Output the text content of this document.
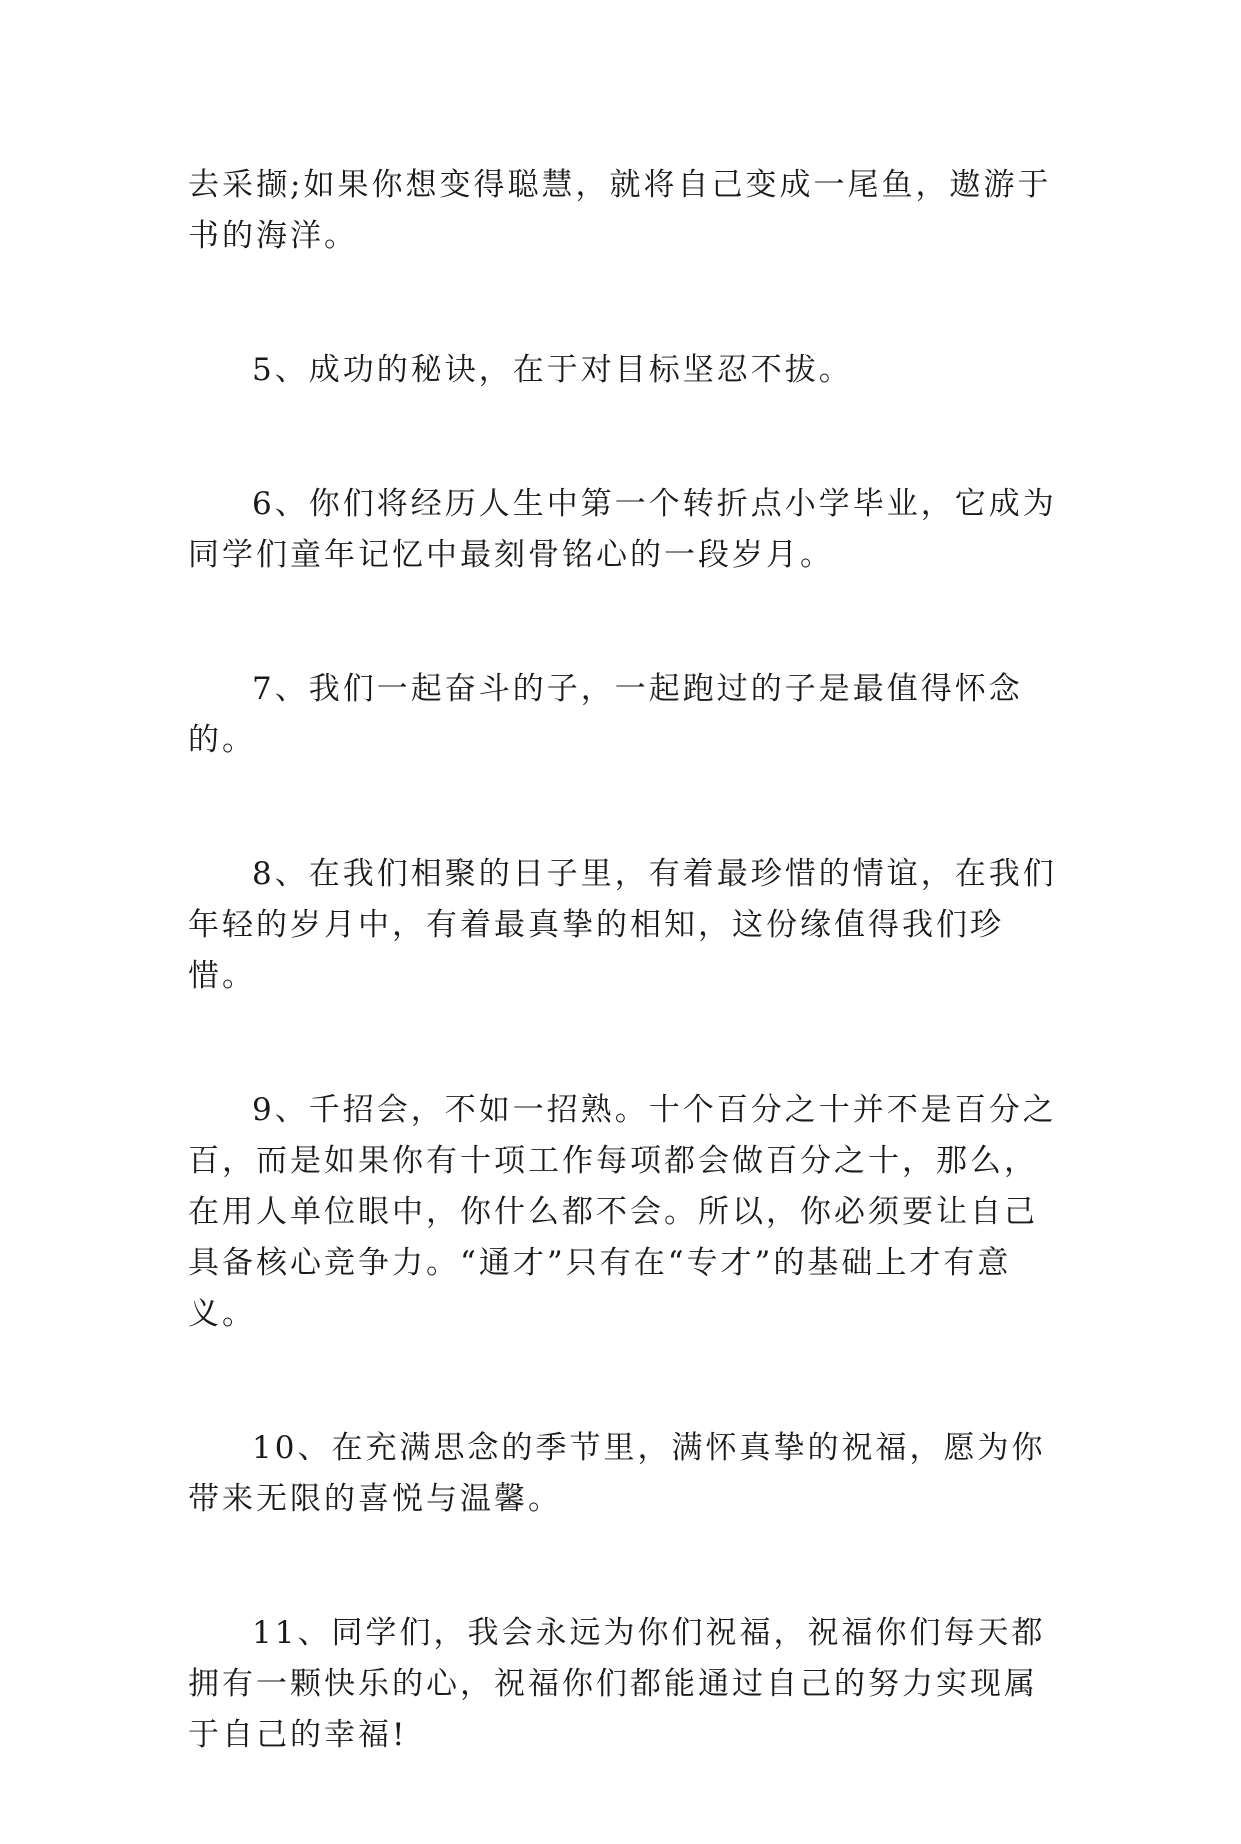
去采撷;如果你想变得聪慧，就将自己变成一尾鱼，遨游于书的海洋。

5、成功的秘诀，在于对目标坚忍不拔。

6、你们将经历人生中第一个转折点小学毕业，它成为同学们童年记忆中最刻骨铭心的一段岁月。

7、我们一起奋斗的子，一起跑过的子是最值得怀念的。

8、在我们相聚的日子里，有着最珍惜的情谊，在我们年轻的岁月中，有着最真挚的相知，这份缘值得我们珍惜。

9、千招会，不如一招熟。十个百分之十并不是百分之百，而是如果你有十项工作每项都会做百分之十，那么，在用人单位眼中，你什么都不会。所以，你必须要让自己具备核心竞争力。“通才”只有在“专才”的基础上才有意义。

10、在充满思念的季节里，满怀真挚的祝福，愿为你带来无限的喜悦与温馨。

11、同学们，我会永远为你们祝福，祝福你们每天都拥有一颗快乐的心，祝福你们都能通过自己的努力实现属于自己的幸福!
